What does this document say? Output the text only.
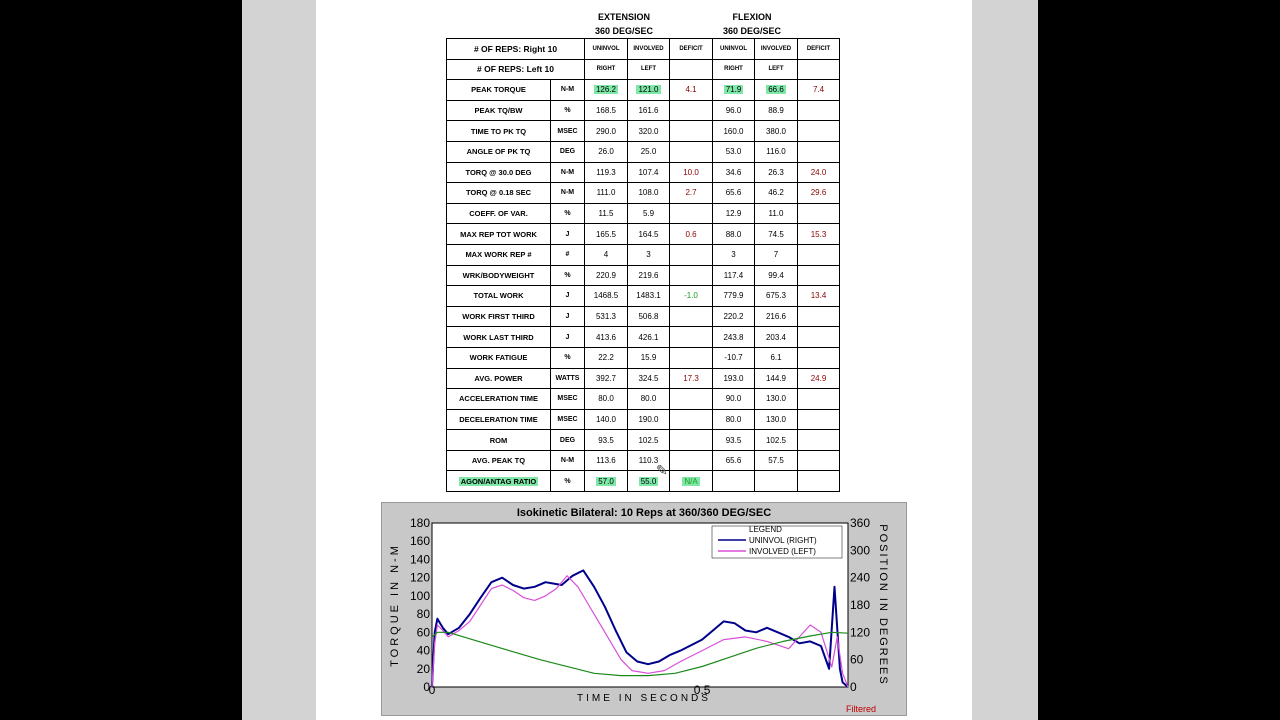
EXTENSION
360 DEG/SEC
FLEXION
360 DEG/SEC
# OF REPS: Right 10		UNINVOL	INVOLVED	DEFICIT	UNINVOL	INVOLVED	DEFICIT
# OF REPS: Left 10		RIGHT	LEFT		RIGHT	LEFT	
PEAK TORQUE	N-M	126.2	121.0	4.1	71.9	66.6	7.4
PEAK TQ/BW	%	168.5	161.6		96.0	88.9	
TIME TO PK TQ	MSEC	290.0	320.0		160.0	380.0	
ANGLE OF PK TQ	DEG	26.0	25.0		53.0	116.0	
TORQ @ 30.0 DEG	N-M	119.3	107.4	10.0	34.6	26.3	24.0
TORQ @ 0.18 SEC	N-M	111.0	108.0	2.7	65.6	46.2	29.6
COEFF. OF VAR.	%	11.5	5.9		12.9	11.0	
MAX REP TOT WORK	J	165.5	164.5	0.6	88.0	74.5	15.3
MAX WORK REP #	#	4	3		3	7	
WRK/BODYWEIGHT	%	220.9	219.6		117.4	99.4	
TOTAL WORK	J	1468.5	1483.1	-1.0	779.9	675.3	13.4
WORK FIRST THIRD	J	531.3	506.8		220.2	216.6	
WORK LAST THIRD	J	413.6	426.1		243.8	203.4	
WORK FATIGUE	%	22.2	15.9		-10.7	6.1	
AVG. POWER	WATTS	392.7	324.5	17.3	193.0	144.9	24.9
ACCELERATION TIME	MSEC	80.0	80.0		90.0	130.0	
DECELERATION TIME	MSEC	140.0	190.0		80.0	130.0	
ROM	DEG	93.5	102.5		93.5	102.5	
AVG. PEAK TQ	N-M	113.6	110.3		65.6	57.5	
AGON/ANTAG RATIO	%	57.0	55.0	N/A			
✎
Isokinetic Bilateral: 10 Reps at 360/360 DEG/SEC
0
20
40
60
80
100
120
140
160
180
0
60
120
180
240
300
360
0	0.5
TORQUE IN N-M	POSITION IN DEGREES
TIME IN SECONDS
LEGEND
UNINVOL (RIGHT)
INVOLVED (LEFT)
Filtered
